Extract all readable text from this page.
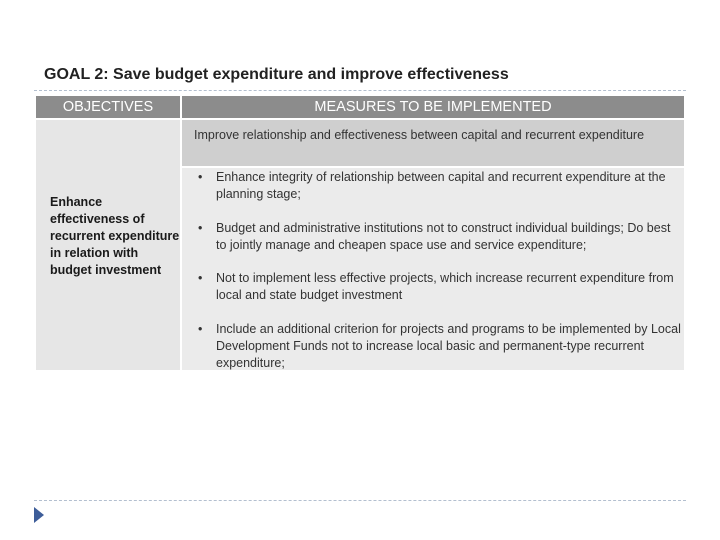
GOAL 2: Save budget expenditure and improve effectiveness
OBJECTIVES	MEASURES TO BE IMPLEMENTED
Enhance effectiveness of recurrent expenditure in relation with budget investment
Improve relationship and effectiveness between capital and recurrent expenditure
• Enhance integrity of relationship between capital and recurrent expenditure at the planning stage;
• Budget and administrative institutions not to construct individual buildings; Do best to jointly manage and cheapen space use and service expenditure;
• Not to implement less effective projects, which increase recurrent expenditure from local and state budget investment
• Include an additional criterion for projects and programs to be implemented by Local Development Funds not to increase local basic and permanent-type recurrent expenditure;
